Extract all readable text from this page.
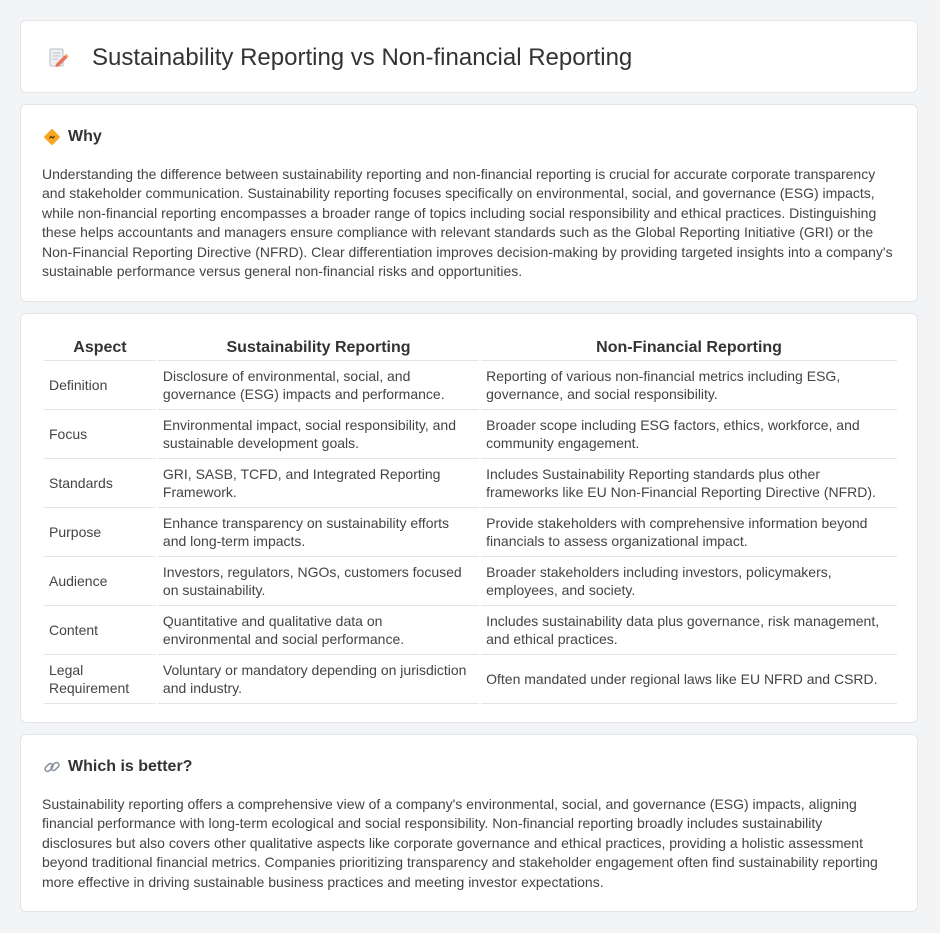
Sustainability Reporting vs Non-financial Reporting
Why

Understanding the difference between sustainability reporting and non-financial reporting is crucial for accurate corporate transparency and stakeholder communication. Sustainability reporting focuses specifically on environmental, social, and governance (ESG) impacts, while non-financial reporting encompasses a broader range of topics including social responsibility and ethical practices. Distinguishing these helps accountants and managers ensure compliance with relevant standards such as the Global Reporting Initiative (GRI) or the Non-Financial Reporting Directive (NFRD). Clear differentiation improves decision-making by providing targeted insights into a company's sustainable performance versus general non-financial risks and opportunities.

Aspect	Sustainability Reporting	Non-Financial Reporting
Definition	Disclosure of environmental, social, and governance (ESG) impacts and performance.	Reporting of various non-financial metrics including ESG, governance, and social responsibility.
Focus	Environmental impact, social responsibility, and sustainable development goals.	Broader scope including ESG factors, ethics, workforce, and community engagement.
Standards	GRI, SASB, TCFD, and Integrated Reporting Framework.	Includes Sustainability Reporting standards plus other frameworks like EU Non-Financial Reporting Directive (NFRD).
Purpose	Enhance transparency on sustainability efforts and long-term impacts.	Provide stakeholders with comprehensive information beyond financials to assess organizational impact.
Audience	Investors, regulators, NGOs, customers focused on sustainability.	Broader stakeholders including investors, policymakers, employees, and society.
Content	Quantitative and qualitative data on environmental and social performance.	Includes sustainability data plus governance, risk management, and ethical practices.
Legal Requirement	Voluntary or mandatory depending on jurisdiction and industry.	Often mandated under regional laws like EU NFRD and CSRD.
Which is better?

Sustainability reporting offers a comprehensive view of a company's environmental, social, and governance (ESG) impacts, aligning financial performance with long-term ecological and social responsibility. Non-financial reporting broadly includes sustainability disclosures but also covers other qualitative aspects like corporate governance and ethical practices, providing a holistic assessment beyond traditional financial metrics. Companies prioritizing transparency and stakeholder engagement often find sustainability reporting more effective in driving sustainable business practices and meeting investor expectations.
